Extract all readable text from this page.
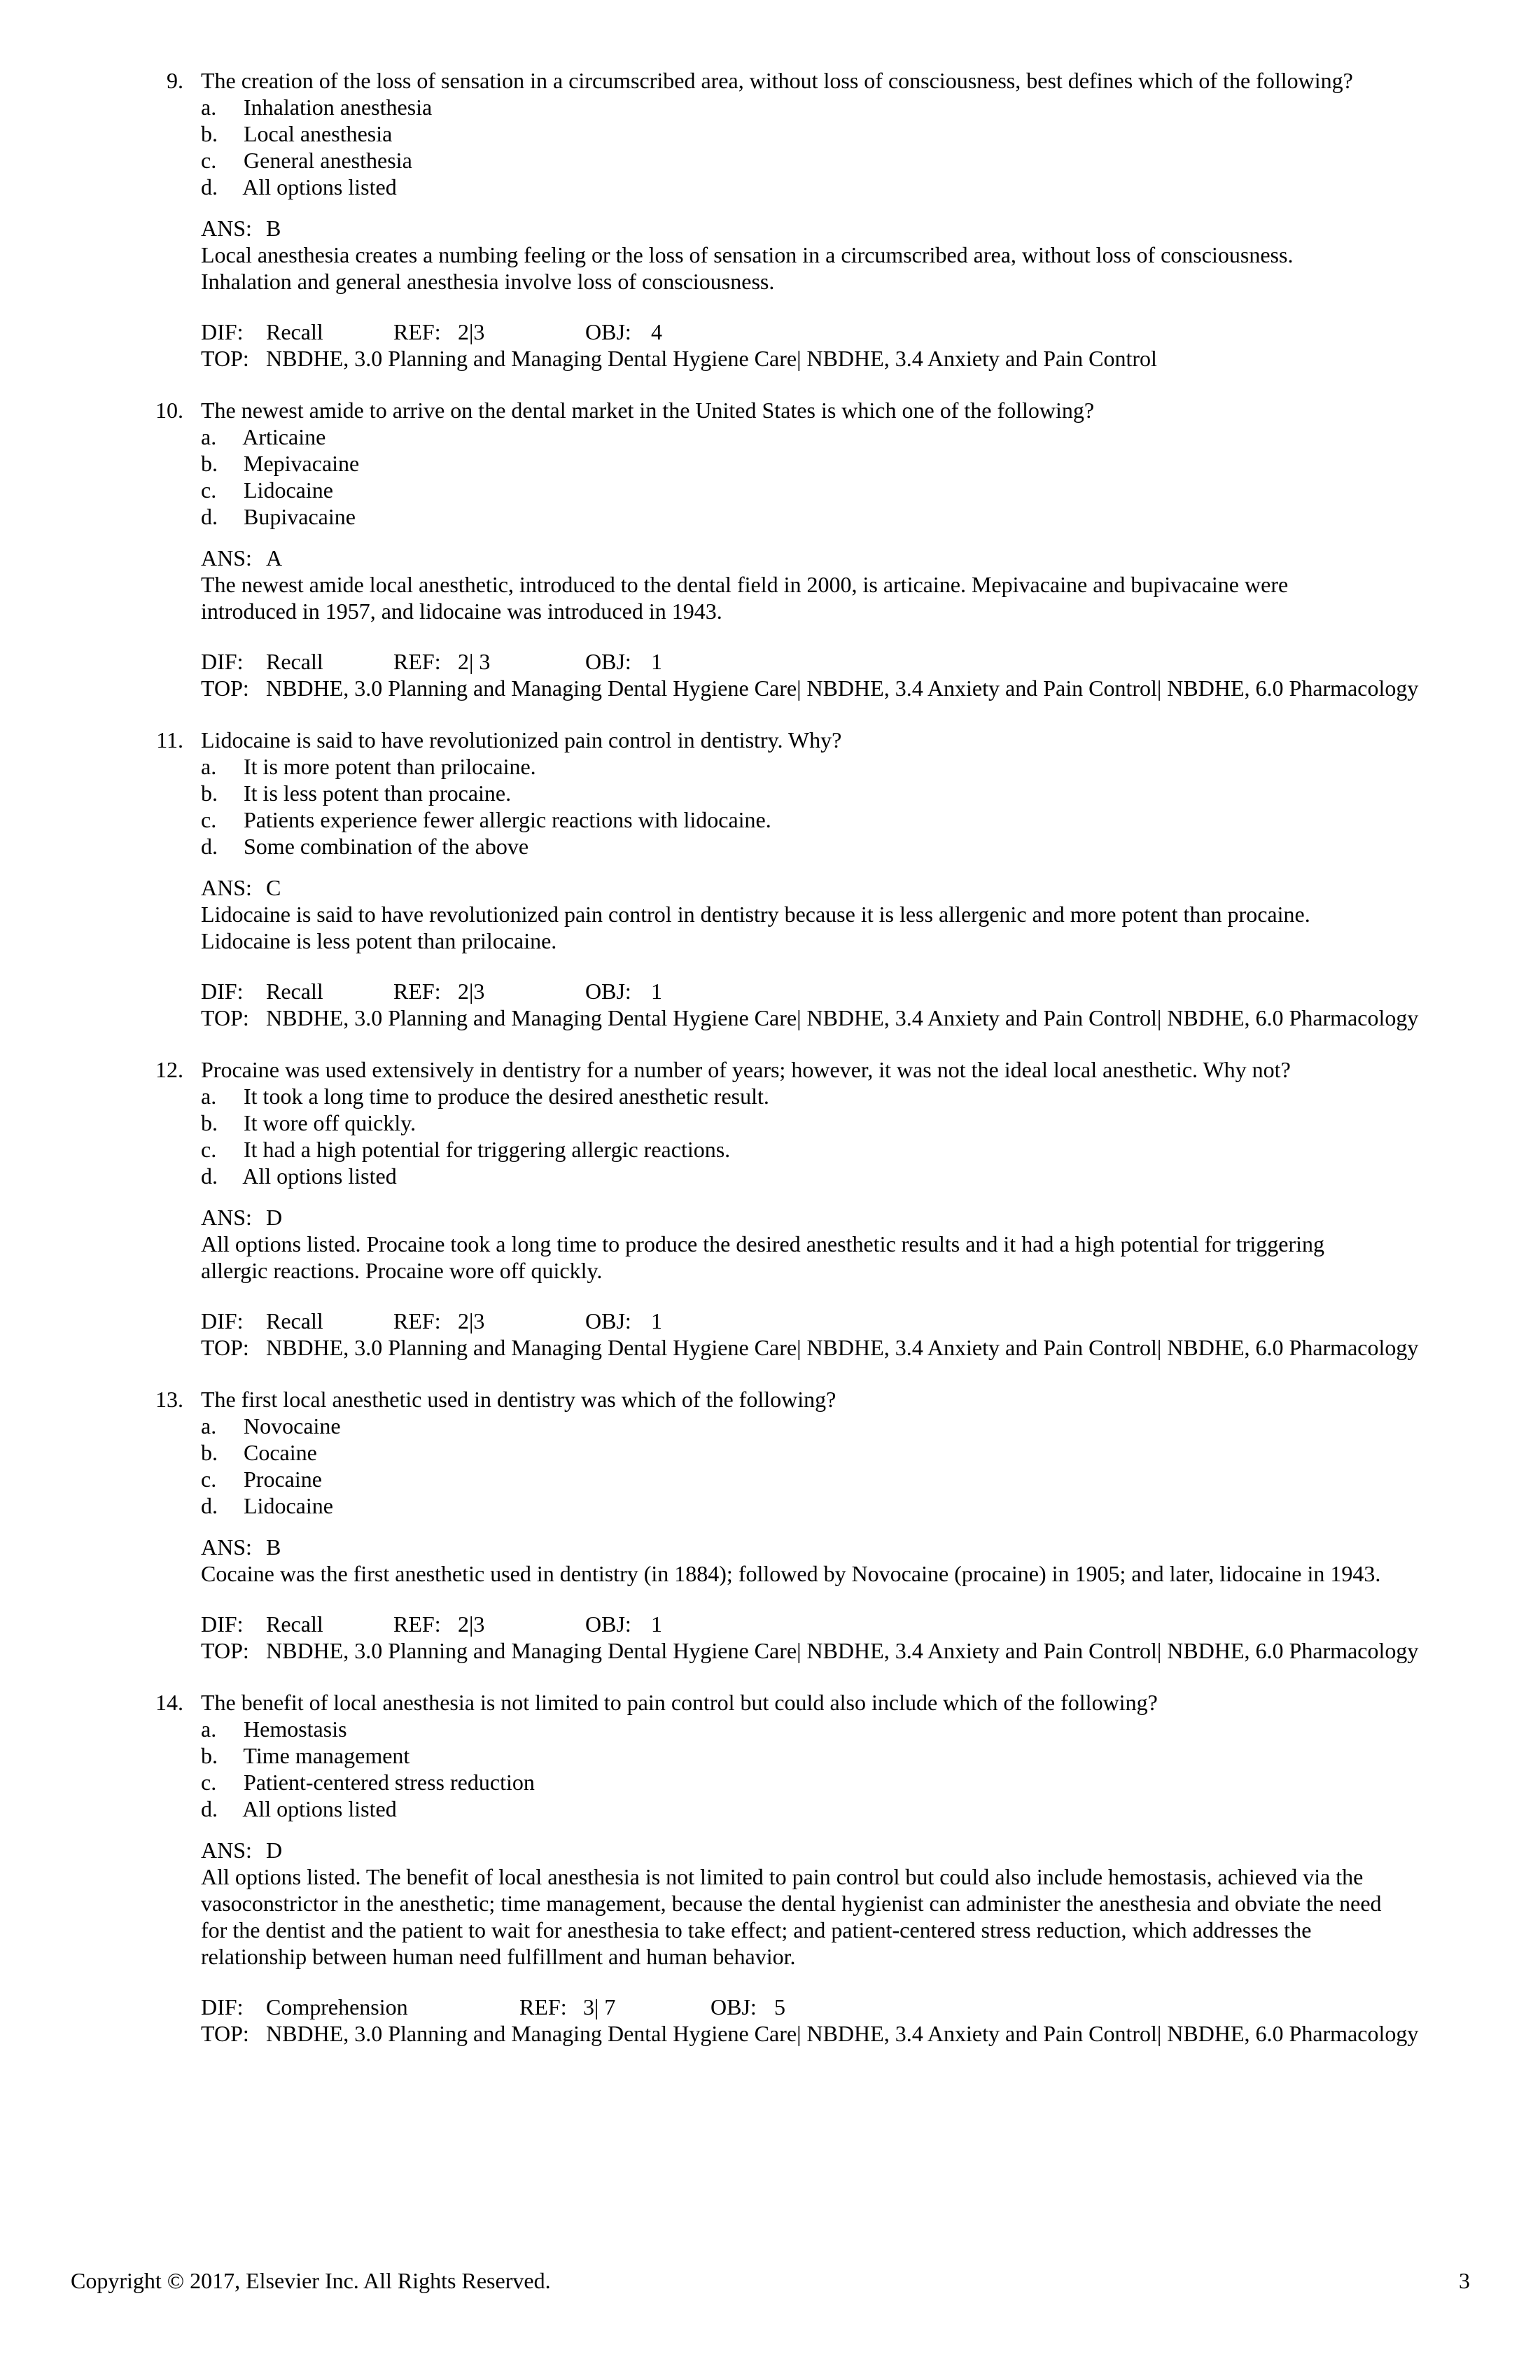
9. The creation of the loss of sensation in a circumscribed area, without loss of consciousness, best defines which of the following?
a. Inhalation anesthesia
b. Local anesthesia
c. General anesthesia
d. All options listed
ANS: B
Local anesthesia creates a numbing feeling or the loss of sensation in a circumscribed area, without loss of consciousness.
Inhalation and general anesthesia involve loss of consciousness.
DIF: Recall	REF: 2|3	OBJ: 4
TOP: NBDHE, 3.0 Planning and Managing Dental Hygiene Care| NBDHE, 3.4 Anxiety and Pain Control
10. The newest amide to arrive on the dental market in the United States is which one of the following?
a. Articaine
b. Mepivacaine
c. Lidocaine
d. Bupivacaine
ANS: A
The newest amide local anesthetic, introduced to the dental field in 2000, is articaine. Mepivacaine and bupivacaine were
introduced in 1957, and lidocaine was introduced in 1943.
DIF: Recall	REF: 2| 3	OBJ: 1
TOP: NBDHE, 3.0 Planning and Managing Dental Hygiene Care| NBDHE, 3.4 Anxiety and Pain Control| NBDHE, 6.0 Pharmacology
11. Lidocaine is said to have revolutionized pain control in dentistry. Why?
a. It is more potent than prilocaine.
b. It is less potent than procaine.
c. Patients experience fewer allergic reactions with lidocaine.
d. Some combination of the above
ANS: C
Lidocaine is said to have revolutionized pain control in dentistry because it is less allergenic and more potent than procaine.
Lidocaine is less potent than prilocaine.
DIF: Recall	REF: 2|3	OBJ: 1
TOP: NBDHE, 3.0 Planning and Managing Dental Hygiene Care| NBDHE, 3.4 Anxiety and Pain Control| NBDHE, 6.0 Pharmacology
12. Procaine was used extensively in dentistry for a number of years; however, it was not the ideal local anesthetic. Why not?
a. It took a long time to produce the desired anesthetic result.
b. It wore off quickly.
c. It had a high potential for triggering allergic reactions.
d. All options listed
ANS: D
All options listed. Procaine took a long time to produce the desired anesthetic results and it had a high potential for triggering
allergic reactions. Procaine wore off quickly.
DIF: Recall	REF: 2|3	OBJ: 1
TOP: NBDHE, 3.0 Planning and Managing Dental Hygiene Care| NBDHE, 3.4 Anxiety and Pain Control| NBDHE, 6.0 Pharmacology
13. The first local anesthetic used in dentistry was which of the following?
a. Novocaine
b. Cocaine
c. Procaine
d. Lidocaine
ANS: B
Cocaine was the first anesthetic used in dentistry (in 1884); followed by Novocaine (procaine) in 1905; and later, lidocaine in 1943.
DIF: Recall	REF: 2|3	OBJ: 1
TOP: NBDHE, 3.0 Planning and Managing Dental Hygiene Care| NBDHE, 3.4 Anxiety and Pain Control| NBDHE, 6.0 Pharmacology
14. The benefit of local anesthesia is not limited to pain control but could also include which of the following?
a. Hemostasis
b. Time management
c. Patient-centered stress reduction
d. All options listed
ANS: D
All options listed. The benefit of local anesthesia is not limited to pain control but could also include hemostasis, achieved via the
vasoconstrictor in the anesthetic; time management, because the dental hygienist can administer the anesthesia and obviate the need
for the dentist and the patient to wait for anesthesia to take effect; and patient-centered stress reduction, which addresses the
relationship between human need fulfillment and human behavior.
DIF: Comprehension	REF: 3| 7	OBJ: 5
TOP: NBDHE, 3.0 Planning and Managing Dental Hygiene Care| NBDHE, 3.4 Anxiety and Pain Control| NBDHE, 6.0 Pharmacology
Copyright © 2017, Elsevier Inc. All Rights Reserved.	3
